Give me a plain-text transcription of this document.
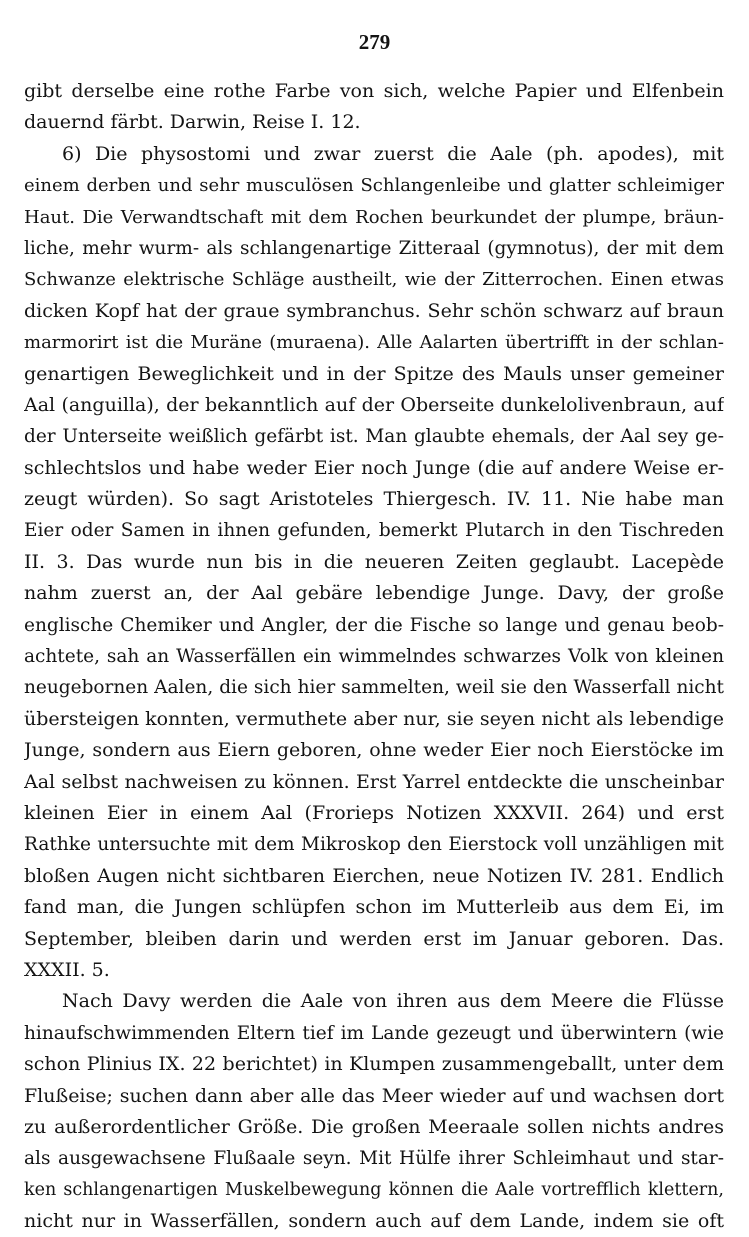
279
gibt derselbe eine rothe Farbe von sich, welche Papier und Elfenbein
dauernd färbt. Darwin, Reise I. 12.
6) Die physostomi und zwar zuerst die Aale (ph. apodes), mit
einem derben und sehr musculösen Schlangenleibe und glatter schleimiger
Haut. Die Verwandtschaft mit dem Rochen beurkundet der plumpe, bräun-
liche, mehr wurm- als schlangenartige Zitteraal (gymnotus), der mit dem
Schwanze elektrische Schläge austheilt, wie der Zitterrochen. Einen etwas
dicken Kopf hat der graue symbranchus. Sehr schön schwarz auf braun
marmorirt ist die Muräne (muraena). Alle Aalarten übertrifft in der schlan-
genartigen Beweglichkeit und in der Spitze des Mauls unser gemeiner
Aal (anguilla), der bekanntlich auf der Oberseite dunkelolivenbraun, auf
der Unterseite weißlich gefärbt ist. Man glaubte ehemals, der Aal sey ge-
schlechtslos und habe weder Eier noch Junge (die auf andere Weise er-
zeugt würden). So sagt Aristoteles Thiergesch. IV. 11. Nie habe man
Eier oder Samen in ihnen gefunden, bemerkt Plutarch in den Tischreden
II. 3. Das wurde nun bis in die neueren Zeiten geglaubt. Lacepède
nahm zuerst an, der Aal gebäre lebendige Junge. Davy, der große
englische Chemiker und Angler, der die Fische so lange und genau beob-
achtete, sah an Wasserfällen ein wimmelndes schwarzes Volk von kleinen
neugebornen Aalen, die sich hier sammelten, weil sie den Wasserfall nicht
übersteigen konnten, vermuthete aber nur, sie seyen nicht als lebendige
Junge, sondern aus Eiern geboren, ohne weder Eier noch Eierstöcke im
Aal selbst nachweisen zu können. Erst Yarrel entdeckte die unscheinbar
kleinen Eier in einem Aal (Frorieps Notizen XXXVII. 264) und erst
Rathke untersuchte mit dem Mikroskop den Eierstock voll unzähligen mit
bloßen Augen nicht sichtbaren Eierchen, neue Notizen IV. 281. Endlich
fand man, die Jungen schlüpfen schon im Mutterleib aus dem Ei, im
September, bleiben darin und werden erst im Januar geboren. Das.
XXXII. 5.
Nach Davy werden die Aale von ihren aus dem Meere die Flüsse
hinaufschwimmenden Eltern tief im Lande gezeugt und überwintern (wie
schon Plinius IX. 22 berichtet) in Klumpen zusammengeballt, unter dem
Flußeise; suchen dann aber alle das Meer wieder auf und wachsen dort
zu außerordentlicher Größe. Die großen Meeraale sollen nichts andres
als ausgewachsene Flußaale seyn. Mit Hülfe ihrer Schleimhaut und star-
ken schlangenartigen Muskelbewegung können die Aale vortrefflich klettern,
nicht nur in Wasserfällen, sondern auch auf dem Lande, indem sie oft
